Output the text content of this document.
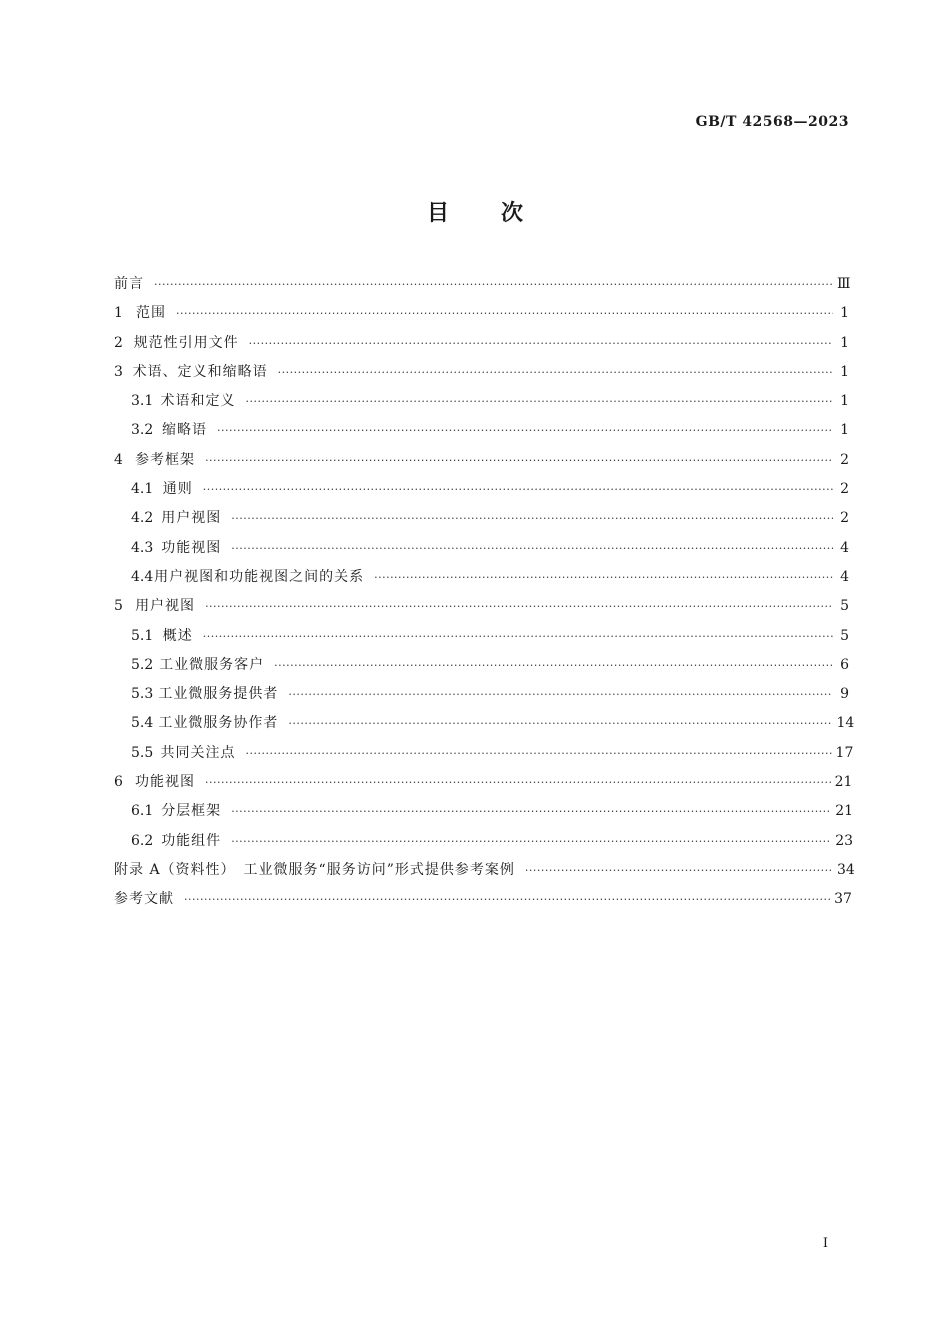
GB/T 42568—2023
目次
前言 ·····	Ⅲ
1 范围 ·····	1
2 规范性引用文件 ·····	1
3 术语、定义和缩略语 ·····	1
3.1 术语和定义 ·····	1
3.2 缩略语 ·····	1
4 参考框架 ·····	2
4.1 通则 ·····	2
4.2 用户视图 ·····	2
4.3 功能视图 ·····	4
4.4 用户视图和功能视图之间的关系 ·····	4
5 用户视图 ·····	5
5.1 概述 ·····	5
5.2 工业微服务客户 ·····	6
5.3 工业微服务提供者 ·····	9
5.4 工业微服务协作者 ·····	14
5.5 共同关注点 ·····	17
6 功能视图 ·····	21
6.1 分层框架 ·····	21
6.2 功能组件 ·····	23
附录 A（资料性）　工业微服务“服务访问”形式提供参考案例 ·····	34
参考文献 ·····	37
I
